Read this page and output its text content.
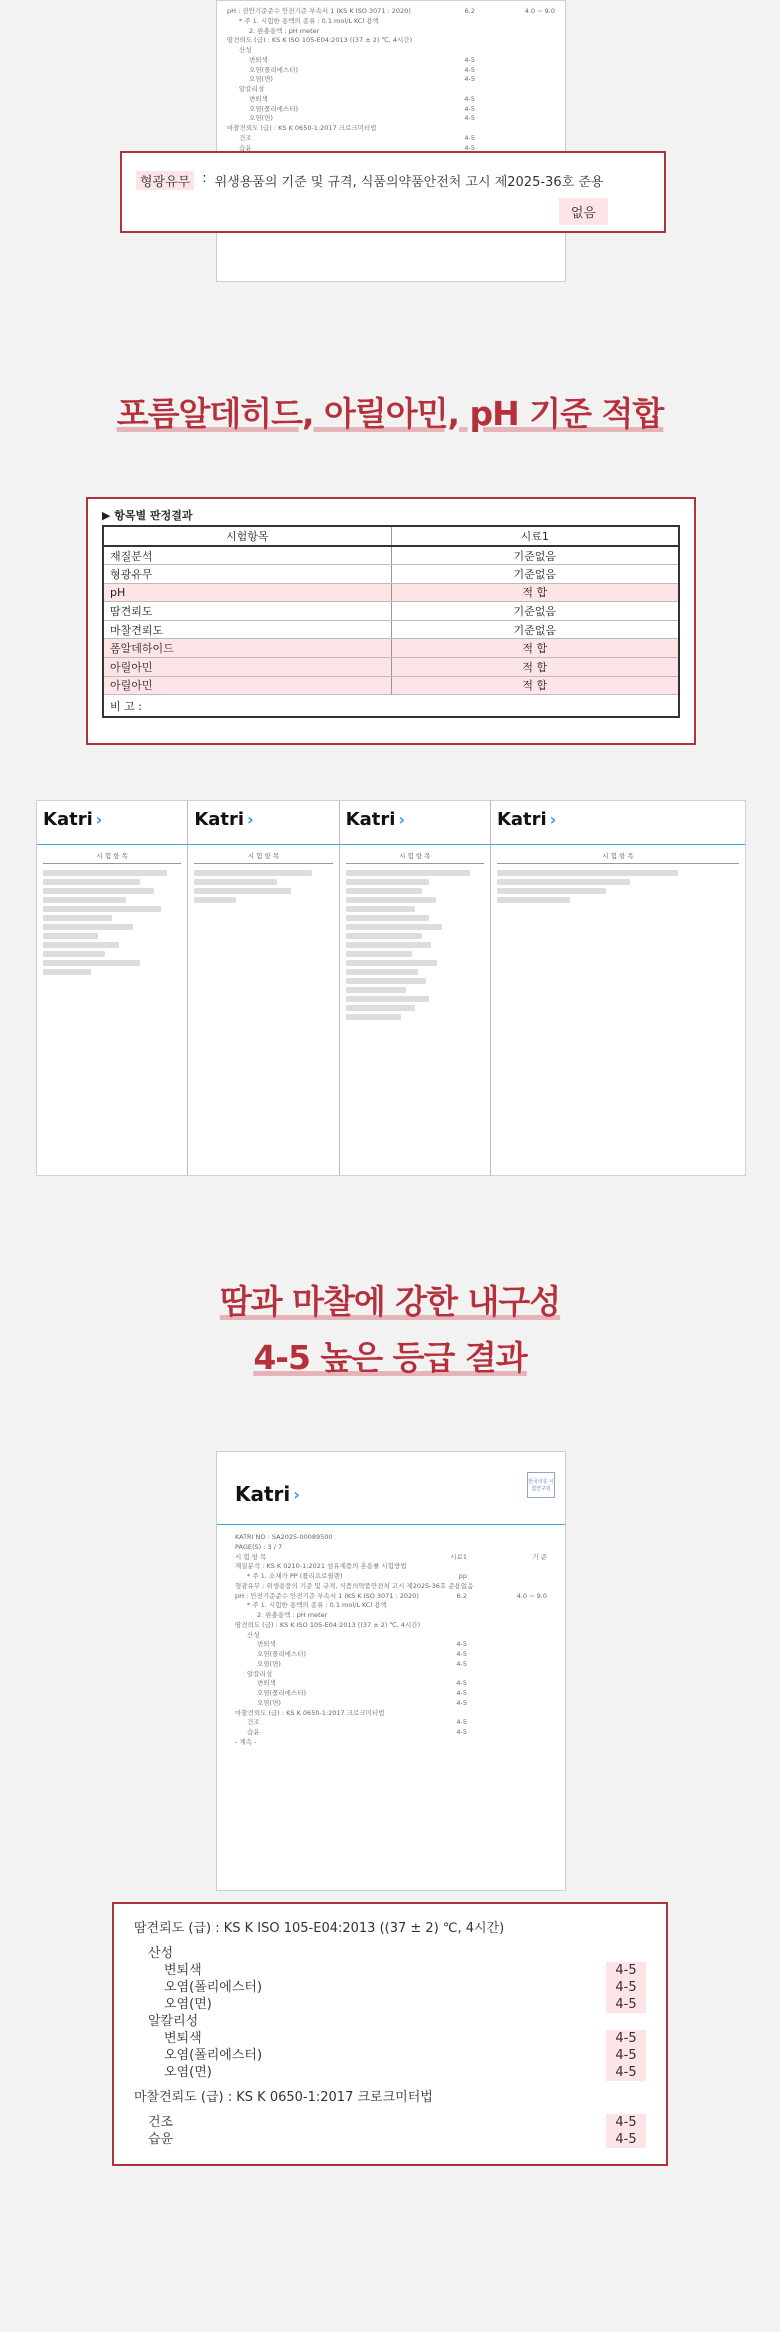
pH : 전안기준준수 안전기준 부속서 1 (KS K ISO 3071 : 2020)	6.2	4.0 ~ 9.0
* 주 1. 시험한 용액의 종류 : 0.1 mol/L KCl 용액
2. 완충용액 : pH meter
땀견뢰도 (급) : KS K ISO 105-E04:2013 ((37 ± 2) ℃, 4시간)
산성
변퇴색	4-5
오염(폴리에스터)	4-5
오염(면)	4-5
알칼리성
변퇴색	4-5
오염(폴리에스터)	4-5
오염(면)	4-5
마찰견뢰도 (급) : KS K 0650-1:2017 크로크미터법
건조	4-5
습윤	4-5
형광유무 : 위생용품의 기준 및 규격, 식품의약품안전처 고시 제2025-36호 준용
없음
포름알데히드, 아릴아민, pH 기준 적합
▶ 항목별 판정결과
시험항목	시료1
재질분석	기준없음
형광유무	기준없음
pH	적 합
땀견뢰도	기준없음
마찰견뢰도	기준없음
폼알데하이드	적 합
아릴아민	적 합
아릴아민	적 합
비 고 :	
Katri ›
시 험 항 목
Katri ›
시 험 항 목
Katri ›
시 험 항 목
Katri ›
시 험 항 목
땀과 마찰에 강한 내구성
4-5 높은 등급 결과
한국의류 시험연구원
Katri ›
KATRI NO : SA2025-00089500
PAGE(S) : 3 / 7
시 험 항 목	시료1	기 준
재질분석 : KS K 0210-1:2021 섬유제품의 혼용률 시험방법
* 주 1. 소재가 PP (폴리프로필렌)	pp
형광유무 : 위생용품의 기준 및 규격, 식품의약품안전처 고시 제2025-36호 준용 없음
pH : 안전기준준수 안전기준 부속서 1 (KS K ISO 3071 : 2020)	6.2	4.0 ~ 9.0
* 주 1. 시험한 용액의 종류 : 0.1 mol/L KCl 용액
2. 완충용액 : pH meter
땀견뢰도 (급) : KS K ISO 105-E04:2013 ((37 ± 2) ℃, 4시간)
산성
변퇴색	4-5
오염(폴리에스터)	4-5
오염(면)	4-5
알칼리성
변퇴색	4-5
오염(폴리에스터)	4-5
오염(면)	4-5
마찰견뢰도 (급) : KS K 0650-1:2017 크로크미터법
건조	4-5
습윤	4-5
- 계속 -
땀견뢰도 (급) : KS K ISO 105-E04:2013 ((37 ± 2) ℃, 4시간)
산성
변퇴색	4-5
오염(폴리에스터)	4-5
오염(면)	4-5
알칼리성
변퇴색	4-5
오염(폴리에스터)	4-5
오염(면)	4-5
마찰견뢰도 (급) : KS K 0650-1:2017 크로크미터법
건조	4-5
습윤	4-5
